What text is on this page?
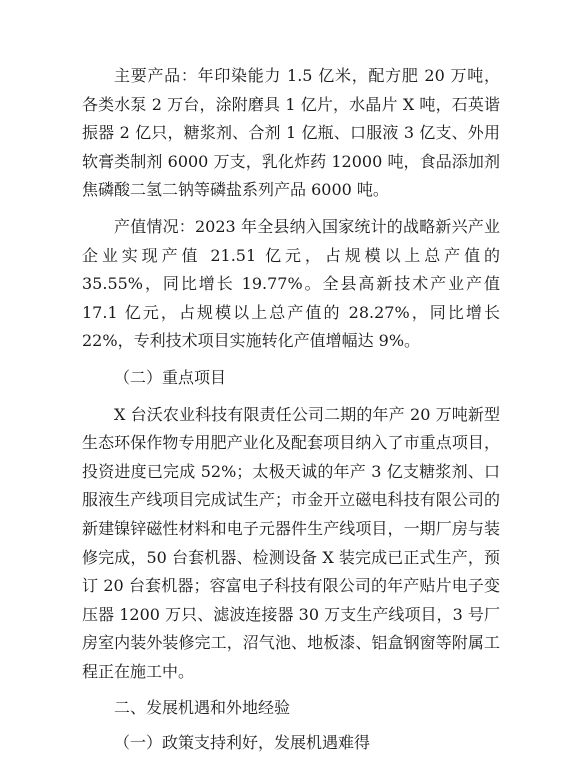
主要产品：年印染能力 1.5 亿米，配方肥 20 万吨，各类水泵 2 万台，涂附磨具 1 亿片，水晶片 X 吨，石英谐振器 2 亿只，糖浆剂、合剂 1 亿瓶、口服液 3 亿支、外用软膏类制剂 6000 万支，乳化炸药 12000 吨，食品添加剂焦磷酸二氢二钠等磷盐系列产品 6000 吨。

产值情况：2023 年全县纳入国家统计的战略新兴产业企业实现产值 21.51 亿元，占规模以上总产值的 35.55%，同比增长 19.77%。全县高新技术产业产值 17.1 亿元，占规模以上总产值的 28.27%，同比增长 22%，专利技术项目实施转化产值增幅达 9%。

（二）重点项目

X 台沃农业科技有限责任公司二期的年产 20 万吨新型生态环保作物专用肥产业化及配套项目纳入了市重点项目，投资进度已完成 52%；太极天诚的年产 3 亿支糖浆剂、口服液生产线项目完成试生产；市金开立磁电科技有限公司的新建镍锌磁性材料和电子元器件生产线项目，一期厂房与装修完成，50 台套机器、检测设备 X 装完成已正式生产，预订 20 台套机器；容富电子科技有限公司的年产贴片电子变压器 1200 万只、滤波连接器 30 万支生产线项目，3 号厂房室内装外装修完工，沼气池、地板漆、铝盒钢窗等附属工程正在施工中。

二、发展机遇和外地经验

（一）政策支持利好，发展机遇难得
